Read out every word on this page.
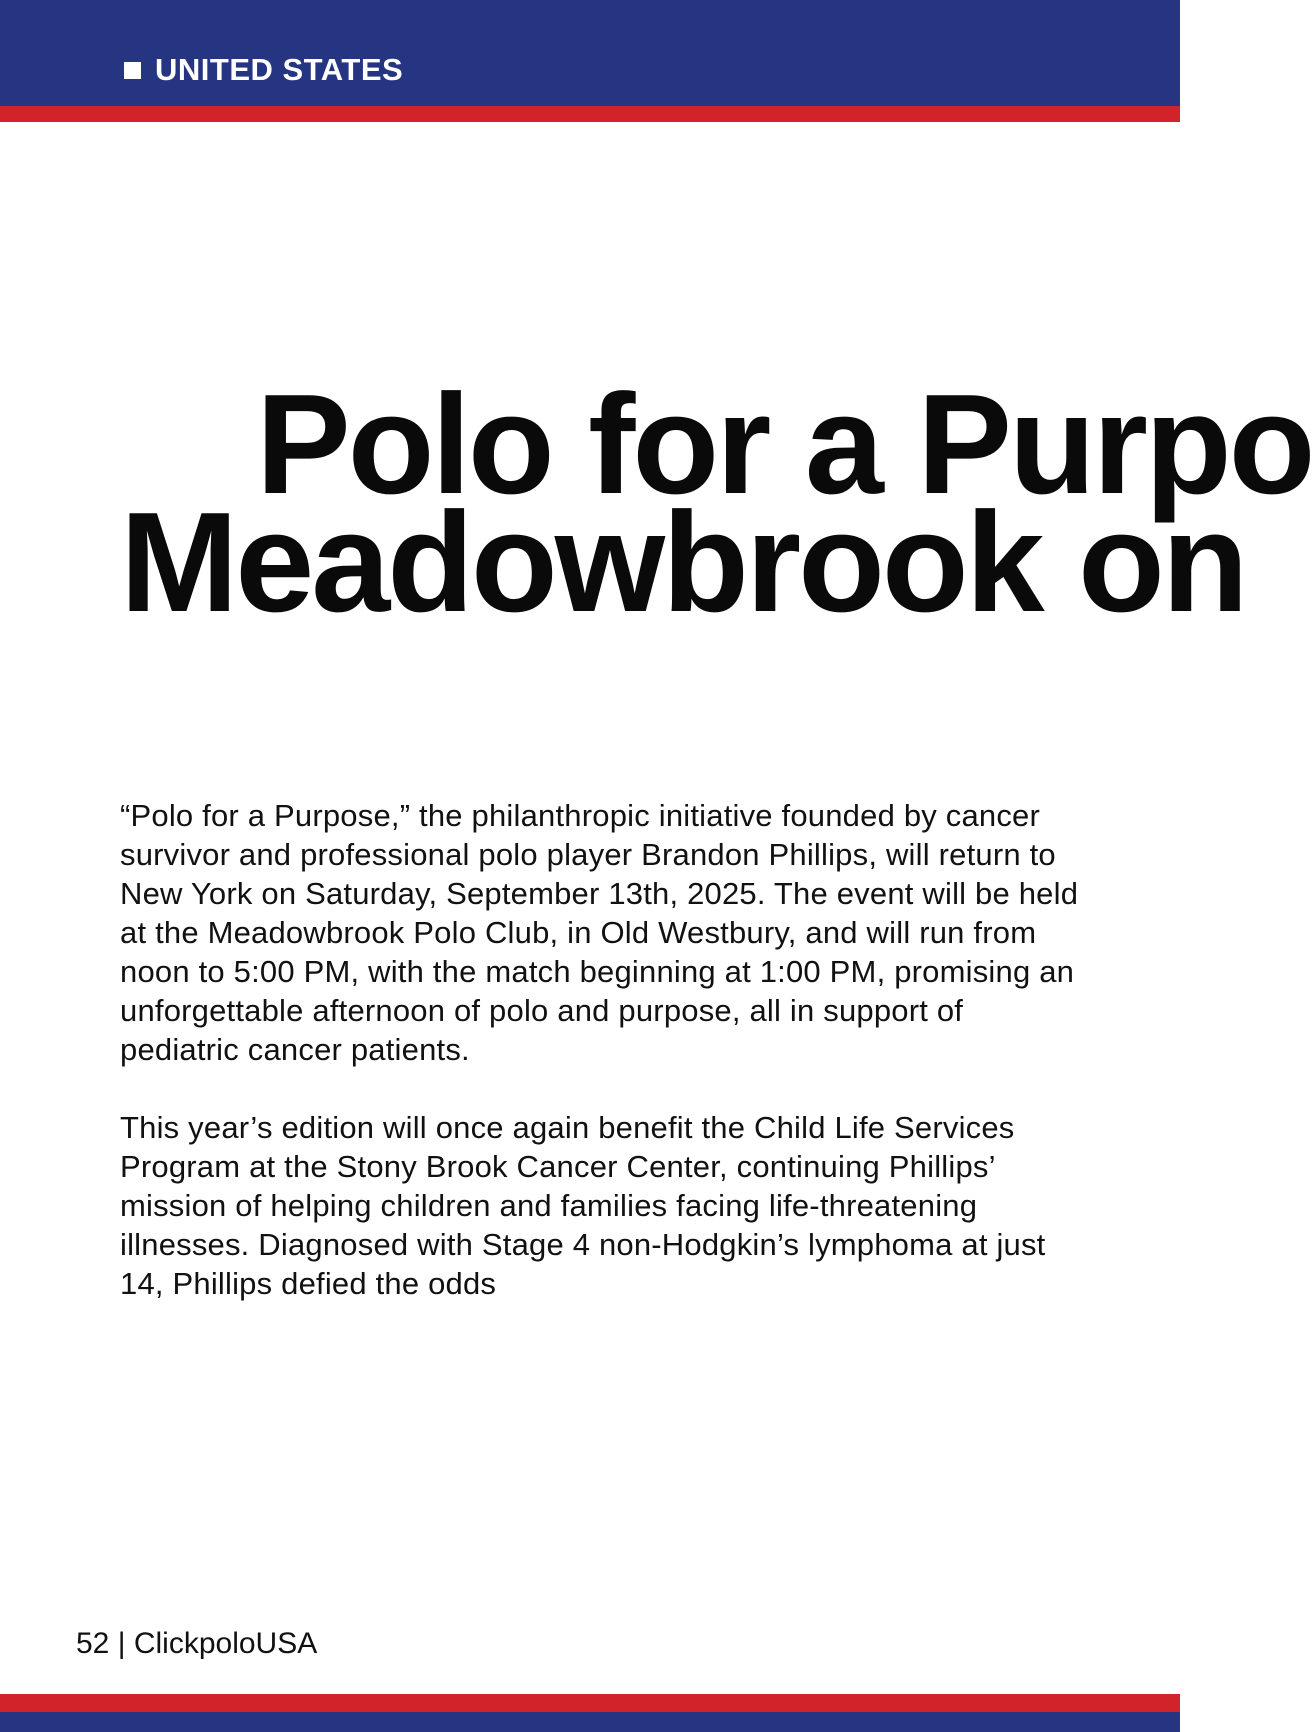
UNITED STATES
Polo for a Purpo
Meadowbrook on

“Polo for a Purpose,” the philanthropic initiative founded by cancer survivor and professional polo player Brandon Phillips, will return to New York on Saturday, September 13th, 2025. The event will be held at the Meadowbrook Polo Club, in Old Westbury, and will run from noon to 5:00 PM, with the match beginning at 1:00 PM, promising an unforgettable afternoon of polo and purpose, all in support of pediatric cancer patients.

This year’s edition will once again benefit the Child Life Services Program at the Stony Brook Cancer Center, continuing Phillips’ mission of helping children and families facing life-threatening illnesses. Diagnosed with Stage 4 non-Hodgkin’s lymphoma at just 14, Phillips defied the odds

52 | ClickpoloUSA
